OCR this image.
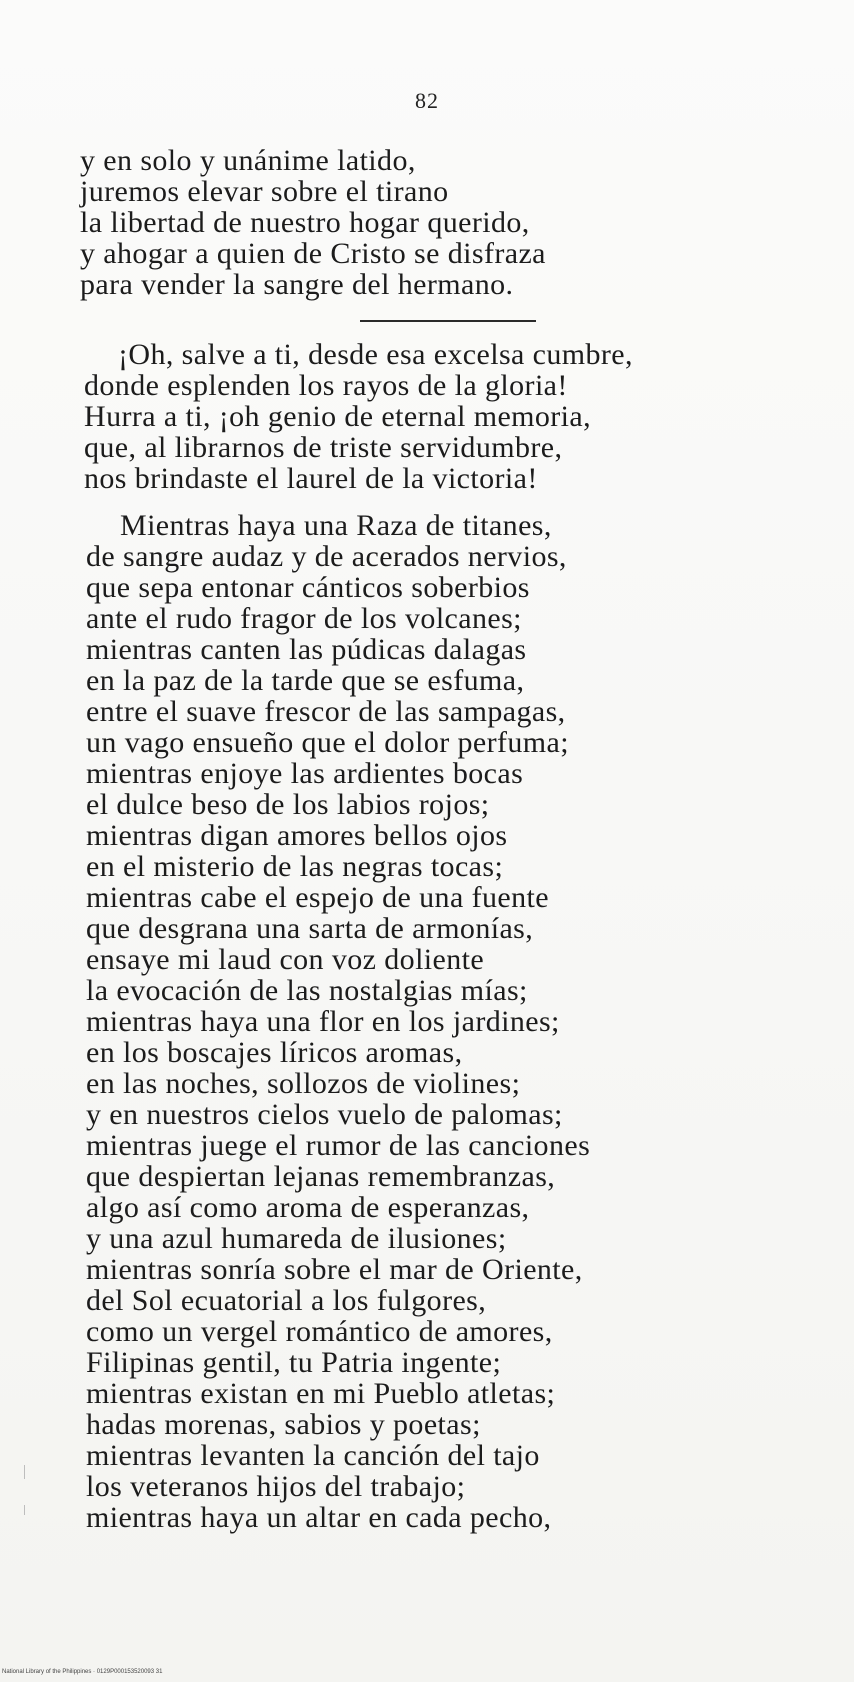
82
y en solo y unánime latido,
juremos elevar sobre el tirano
la libertad de nuestro hogar querido,
y ahogar a quien de Cristo se disfraza
para vender la sangre del hermano.
¡Oh, salve a ti, desde esa excelsa cumbre,
donde esplenden los rayos de la gloria!
Hurra a ti, ¡oh genio de eternal memoria,
que, al librarnos de triste servidumbre,
nos brindaste el laurel de la victoria!
Mientras haya una Raza de titanes,
de sangre audaz y de acerados nervios,
que sepa entonar cánticos soberbios
ante el rudo fragor de los volcanes;
mientras canten las púdicas dalagas
en la paz de la tarde que se esfuma,
entre el suave frescor de las sampagas,
un vago ensueño que el dolor perfuma;
mientras enjoye las ardientes bocas
el dulce beso de los labios rojos;
mientras digan amores bellos ojos
en el misterio de las negras tocas;
mientras cabe el espejo de una fuente
que desgrana una sarta de armonías,
ensaye mi laud con voz doliente
la evocación de las nostalgias mías;
mientras haya una flor en los jardines;
en los boscajes líricos aromas,
en las noches, sollozos de violines;
y en nuestros cielos vuelo de palomas;
mientras juege el rumor de las canciones
que despiertan lejanas remembranzas,
algo así como aroma de esperanzas,
y una azul humareda de ilusiones;
mientras sonría sobre el mar de Oriente,
del Sol ecuatorial a los fulgores,
como un vergel romántico de amores,
Filipinas gentil, tu Patria ingente;
mientras existan en mi Pueblo atletas;
hadas morenas, sabios y poetas;
mientras levanten la canción del tajo
los veteranos hijos del trabajo;
mientras haya un altar en cada pecho,
National Library of the Philippines · 0129P000153520093 31
